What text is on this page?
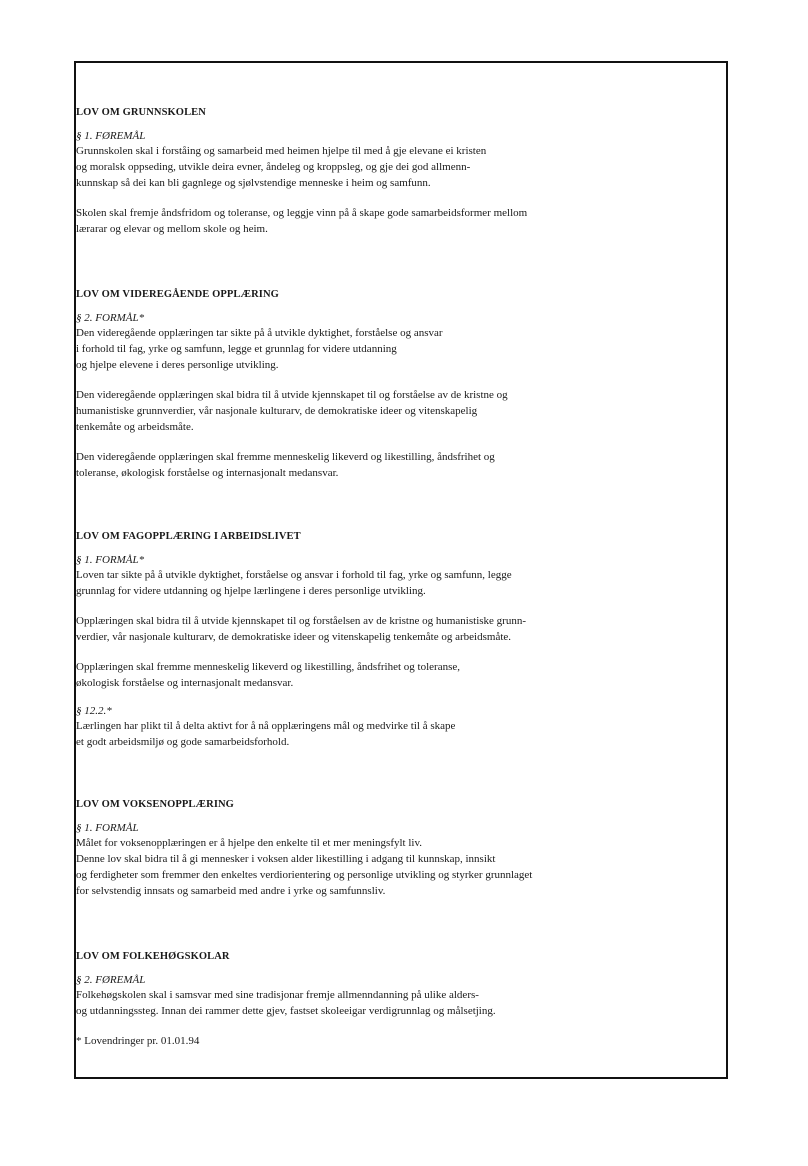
LOV OM GRUNNSKOLEN
§ 1. FØREMÅL

Grunnskolen skal i forståing og samarbeid med heimen hjelpe til med å gje elevane ei kristen

og moralsk oppseding, utvikle deira evner, åndeleg og kroppsleg, og gje dei god allmenn-

kunnskap så dei kan bli gagnlege og sjølvstendige menneske i heim og samfunn.

Skolen skal fremje åndsfridom og toleranse, og leggje vinn på å skape gode samarbeidsformer mellom

lærarar og elevar og mellom skole og heim.

LOV OM VIDEREGÅENDE OPPLÆRING
§ 2. FORMÅL*

Den videregående opplæringen tar sikte på å utvikle dyktighet, forståelse og ansvar

i forhold til fag, yrke og samfunn, legge et grunnlag for videre utdanning

og hjelpe elevene i deres personlige utvikling.

Den videregående opplæringen skal bidra til å utvide kjennskapet til og forståelse av de kristne og

humanistiske grunnverdier, vår nasjonale kulturarv, de demokratiske ideer og vitenskapelig

tenkemåte og arbeidsmåte.

Den videregående opplæringen skal fremme menneskelig likeverd og likestilling, åndsfrihet og

toleranse, økologisk forståelse og internasjonalt medansvar.

LOV OM FAGOPPLÆRING I ARBEIDSLIVET
§ 1. FORMÅL*

Loven tar sikte på å utvikle dyktighet, forståelse og ansvar i forhold til fag, yrke og samfunn, legge

grunnlag for videre utdanning og hjelpe lærlingene i deres personlige utvikling.

Opplæringen skal bidra til å utvide kjennskapet til og forståelsen av de kristne og humanistiske grunn-

verdier, vår nasjonale kulturarv, de demokratiske ideer og vitenskapelig tenkemåte og arbeidsmåte.

Opplæringen skal fremme menneskelig likeverd og likestilling, åndsfrihet og toleranse,

økologisk forståelse og internasjonalt medansvar.

§ 12.2.*

Lærlingen har plikt til å delta aktivt for å nå opplæringens mål og medvirke til å skape

et godt arbeidsmiljø og gode samarbeidsforhold.

LOV OM VOKSENOPPLÆRING
§ 1. FORMÅL

Målet for voksenopplæringen er å hjelpe den enkelte til et mer meningsfylt liv.

Denne lov skal bidra til å gi mennesker i voksen alder likestilling i adgang til kunnskap, innsikt

og ferdigheter som fremmer den enkeltes verdiorientering og personlige utvikling og styrker grunnlaget

for selvstendig innsats og samarbeid med andre i yrke og samfunnsliv.

LOV OM FOLKEHØGSKOLAR
§ 2. FØREMÅL

Folkehøgskolen skal i samsvar med sine tradisjonar fremje allmenndanning på ulike alders-

og utdanningssteg. Innan dei rammer dette gjev, fastset skoleeigar verdigrunnlag og målsetjing.

* Lovendringer pr. 01.01.94
